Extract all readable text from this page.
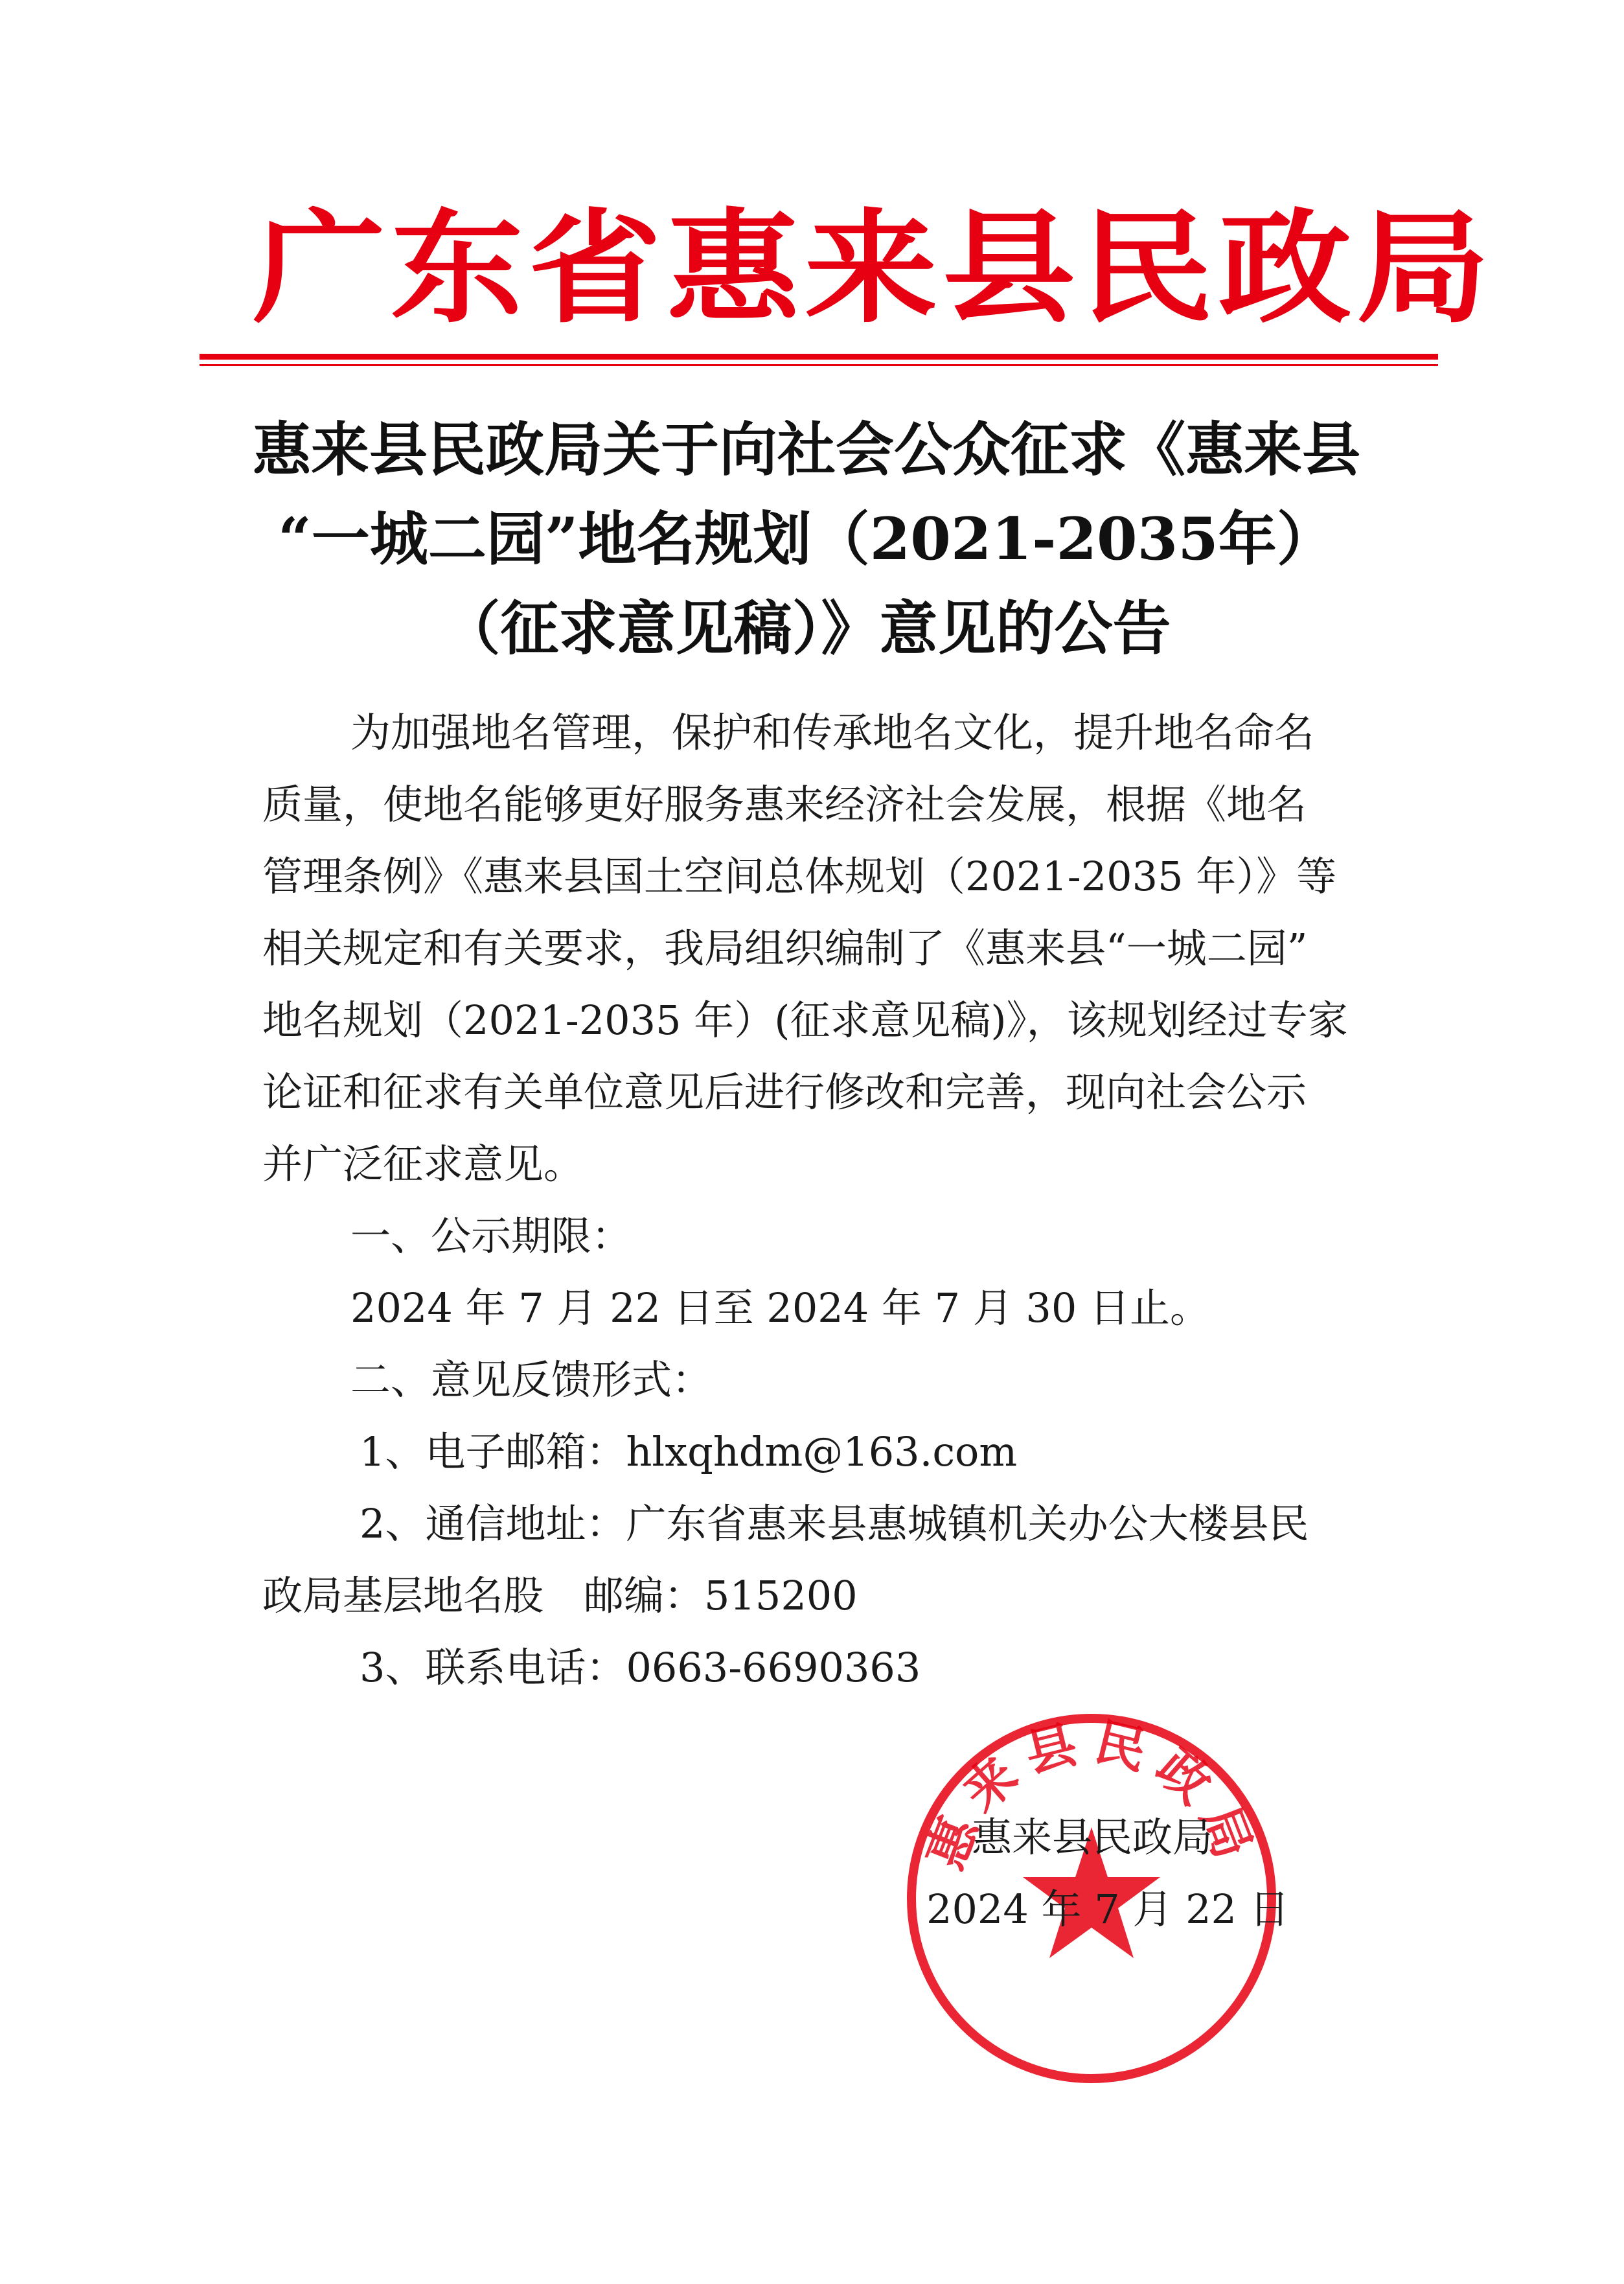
广东省惠来县民政局
惠来县民政局关于向社会公众征求《惠来县
“一城二园”地名规划（2021-2035年）
（征求意见稿）》意见的公告

为加强地名管理，保护和传承地名文化，提升地名命名

质量，使地名能够更好服务惠来经济社会发展，根据《地名

管理条例》《惠来县国土空间总体规划（2021-2035 年）》等

相关规定和有关要求，我局组织编制了《惠来县“一城二园”

地名规划（2021-2035 年）(征求意见稿)》，该规划经过专家

论证和征求有关单位意见后进行修改和完善，现向社会公示

并广泛征求意见。

一、公示期限：

2024 年 7 月 22 日至 2024 年 7 月 30 日止。

二、意见反馈形式：

1、电子邮箱：hlxqhdm@163.com

2、通信地址：广东省惠来县惠城镇机关办公大楼县民

政局基层地名股　邮编：515200

3、联系电话：0663-6690363

惠来县民政局
惠来县民政局
2024 年 7 月 22 日
